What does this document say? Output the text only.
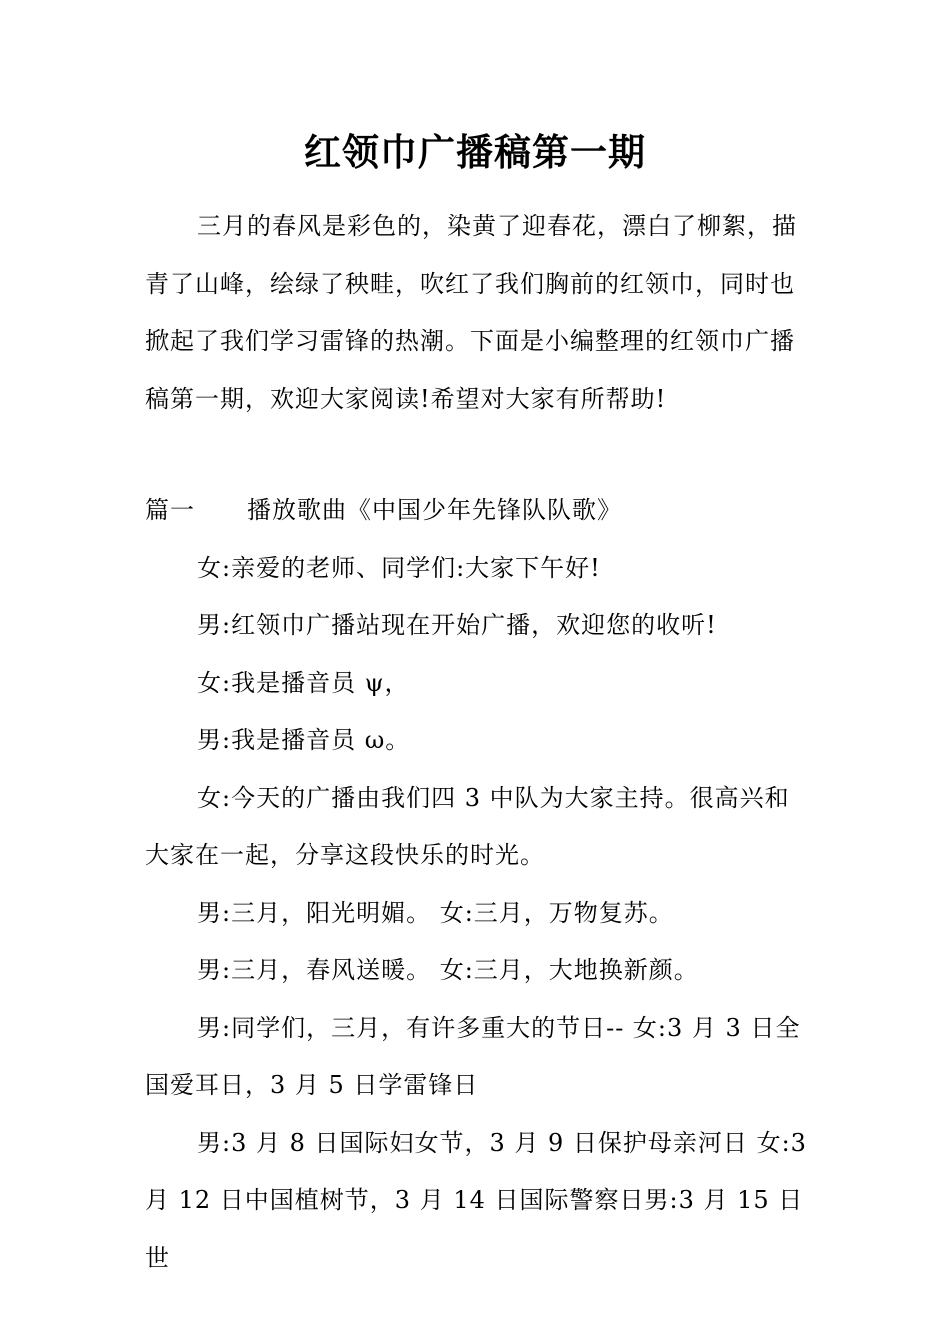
红领巾广播稿第一期

三月的春风是彩色的，染黄了迎春花，漂白了柳絮，描青了山峰，绘绿了秧畦，吹红了我们胸前的红领巾，同时也掀起了我们学习雷锋的热潮。下面是小编整理的红领巾广播稿第一期，欢迎大家阅读!希望对大家有所帮助!

篇一 播放歌曲《中国少年先锋队队歌》

女:亲爱的老师、同学们:大家下午好!

男:红领巾广播站现在开始广播，欢迎您的收听!

女:我是播音员 ψ，

男:我是播音员 ω。

女:今天的广播由我们四 3 中队为大家主持。很高兴和大家在一起，分享这段快乐的时光。

男:三月，阳光明媚。 女:三月，万物复苏。

男:三月，春风送暖。 女:三月，大地换新颜。

男:同学们，三月，有许多重大的节日-- 女:3 月 3 日全国爱耳日，3 月 5 日学雷锋日

男:3 月 8 日国际妇女节，3 月 9 日保护母亲河日 女:3 月 12 日中国植树节，3 月 14 日国际警察日男:3 月 15 日世
